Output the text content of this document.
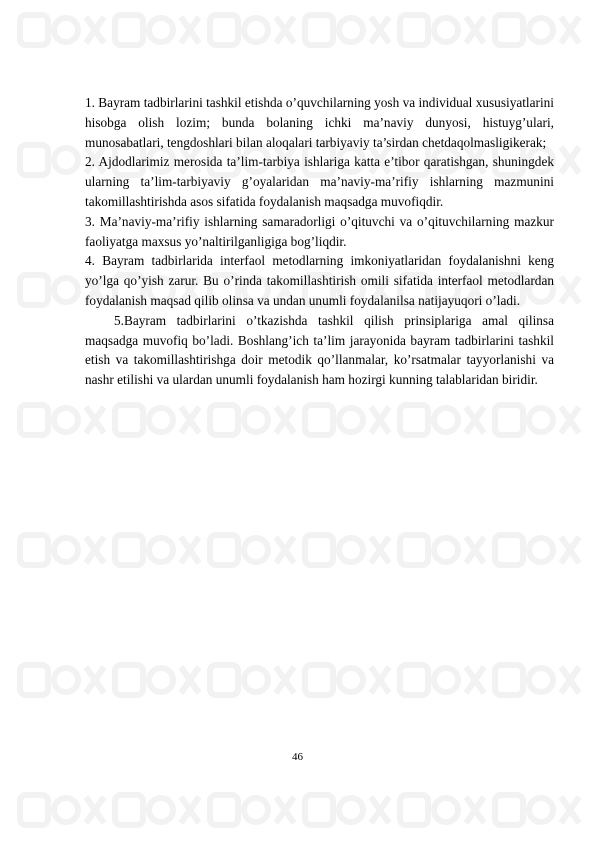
1. Bayram tadbirlarini tashkil etishda o’quvchilarning yosh va individual xususiyatlarini hisobga olish lozim; bunda bolaning ichki ma’naviy dunyosi, histuyg’ulari, munosabatlari, tengdoshlari bilan aloqalari tarbiyaviy ta’sirdan chetdaqolmasligikerak;

2. Ajdodlarimiz merosida ta’lim-tarbiya ishlariga katta e’tibor qaratishgan, shuningdek ularning ta’lim-tarbiyaviy g’oyalaridan ma’naviy-ma’rifiy ishlarning mazmunini takomillashtirishda asos sifatida foydalanish maqsadga muvofiqdir.

3. Ma’naviy-ma’rifiy ishlarning samaradorligi o’qituvchi va o’qituvchilarning mazkur faoliyatga maxsus yo’naltirilganligiga bog’liqdir.

4. Bayram tadbirlarida interfaol metodlarning imkoniyatlaridan foydalanishni keng yo’lga qo’yish zarur. Bu o’rinda takomillashtirish omili sifatida interfaol metodlardan foydalanish maqsad qilib olinsa va undan unumli foydalanilsa natijayuqori o’ladi.

5.Bayram tadbirlarini o’tkazishda tashkil qilish prinsiplariga amal qilinsa maqsadga muvofiq bo’ladi. Boshlang’ich ta’lim jarayonida bayram tadbirlarini tashkil etish va takomillashtirishga doir metodik qo’llanmalar, ko’rsatmalar tayyorlanishi va nashr etilishi va ulardan unumli foydalanish ham hozirgi kunning talablaridan biridir.

46
